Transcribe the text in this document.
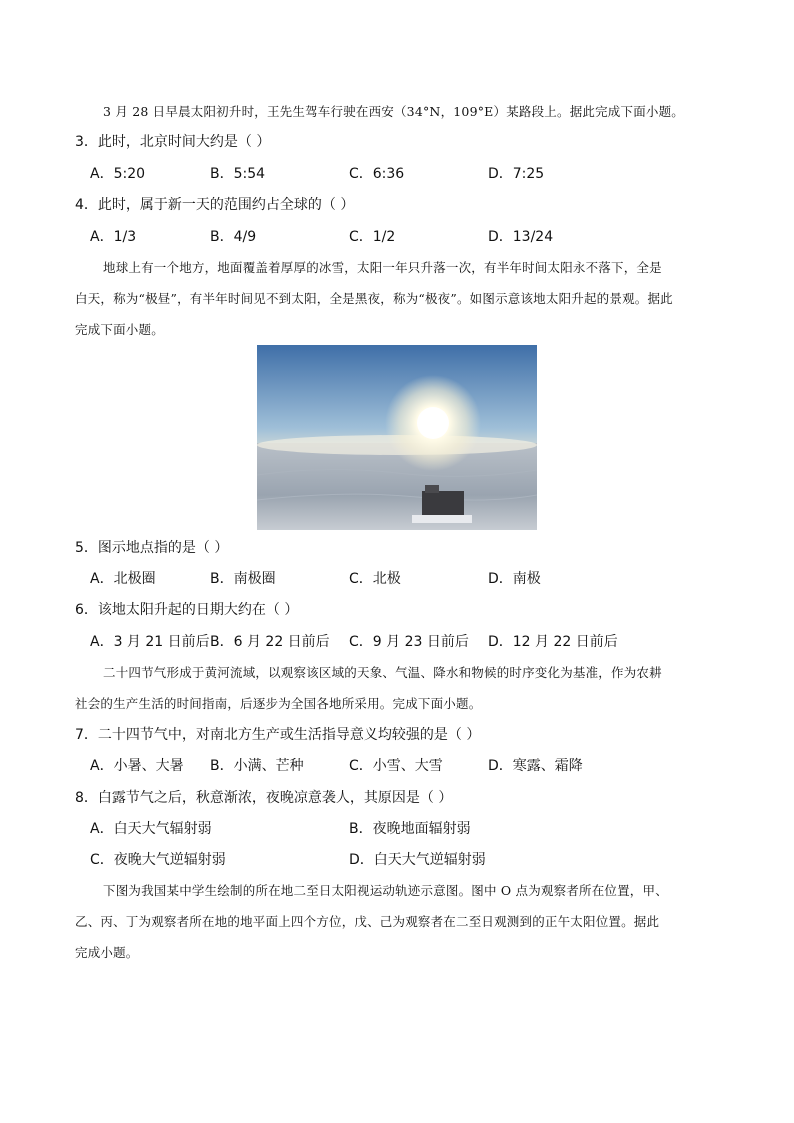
3 月 28 日早晨太阳初升时，王先生驾车行驶在西安（34°N，109°E）某路段上。据此完成下面小题。
3．此时，北京时间大约是（ ）
A．5:20	B．5:54	C．6:36	D．7:25
4．此时，属于新一天的范围约占全球的（ ）
A．1/3	B．4/9	C．1/2	D．13/24
地球上有一个地方，地面覆盖着厚厚的冰雪，太阳一年只升落一次，有半年时间太阳永不落下，全是
白天，称为“极昼”，有半年时间见不到太阳，全是黑夜，称为“极夜”。如图示意该地太阳升起的景观。据此
完成下面小题。
5．图示地点指的是（ ）
A．北极圈	B．南极圈	C．北极	D．南极
6．该地太阳升起的日期大约在（ ）
A．3 月 21 日前后 B．6 月 22 日前后 C．9 月 23 日前后 D．12 月 22 日前后
二十四节气形成于黄河流域，以观察该区域的天象、气温、降水和物候的时序变化为基准，作为农耕
社会的生产生活的时间指南，后逐步为全国各地所采用。完成下面小题。
7．二十四节气中，对南北方生产或生活指导意义均较强的是（ ）
A．小暑、大暑 B．小满、芒种	C．小雪、大雪	D．寒露、霜降
8．白露节气之后，秋意渐浓，夜晚凉意袭人，其原因是（ ）
A．白天大气辐射弱	B．夜晚地面辐射弱
C．夜晚大气逆辐射弱	D．白天大气逆辐射弱
下图为我国某中学生绘制的所在地二至日太阳视运动轨迹示意图。图中 O 点为观察者所在位置，甲、
乙、丙、丁为观察者所在地的地平面上四个方位，戊、己为观察者在二至日观测到的正午太阳位置。据此
完成小题。
